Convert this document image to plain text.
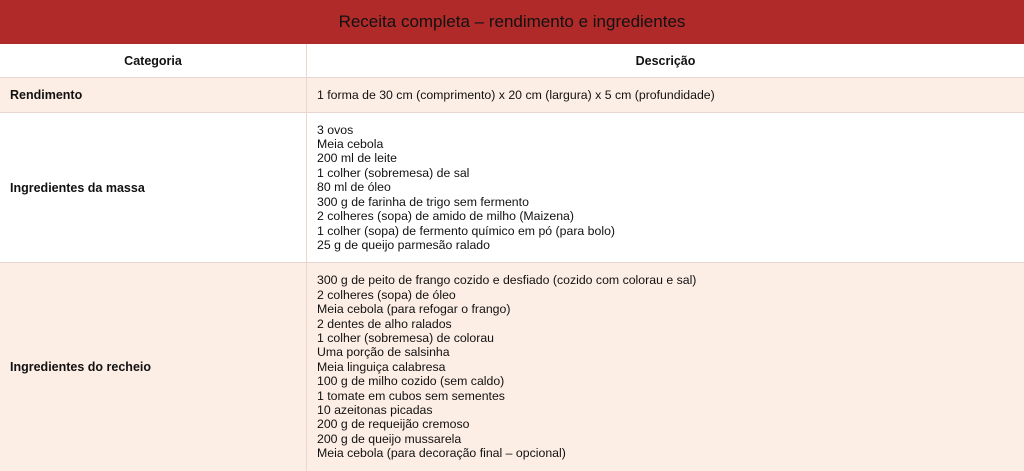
Receita completa – rendimento e ingredientes
Categoria	Descrição
Rendimento	1 forma de 30 cm (comprimento) x 20 cm (largura) x 5 cm (profundidade)
Ingredientes da massa
3 ovos
Meia cebola
200 ml de leite
1 colher (sobremesa) de sal
80 ml de óleo
300 g de farinha de trigo sem fermento
2 colheres (sopa) de amido de milho (Maizena)
1 colher (sopa) de fermento químico em pó (para bolo)
25 g de queijo parmesão ralado
Ingredientes do recheio
300 g de peito de frango cozido e desfiado (cozido com colorau e sal)
2 colheres (sopa) de óleo
Meia cebola (para refogar o frango)
2 dentes de alho ralados
1 colher (sobremesa) de colorau
Uma porção de salsinha
Meia linguiça calabresa
100 g de milho cozido (sem caldo)
1 tomate em cubos sem sementes
10 azeitonas picadas
200 g de requeijão cremoso
200 g de queijo mussarela
Meia cebola (para decoração final – opcional)
